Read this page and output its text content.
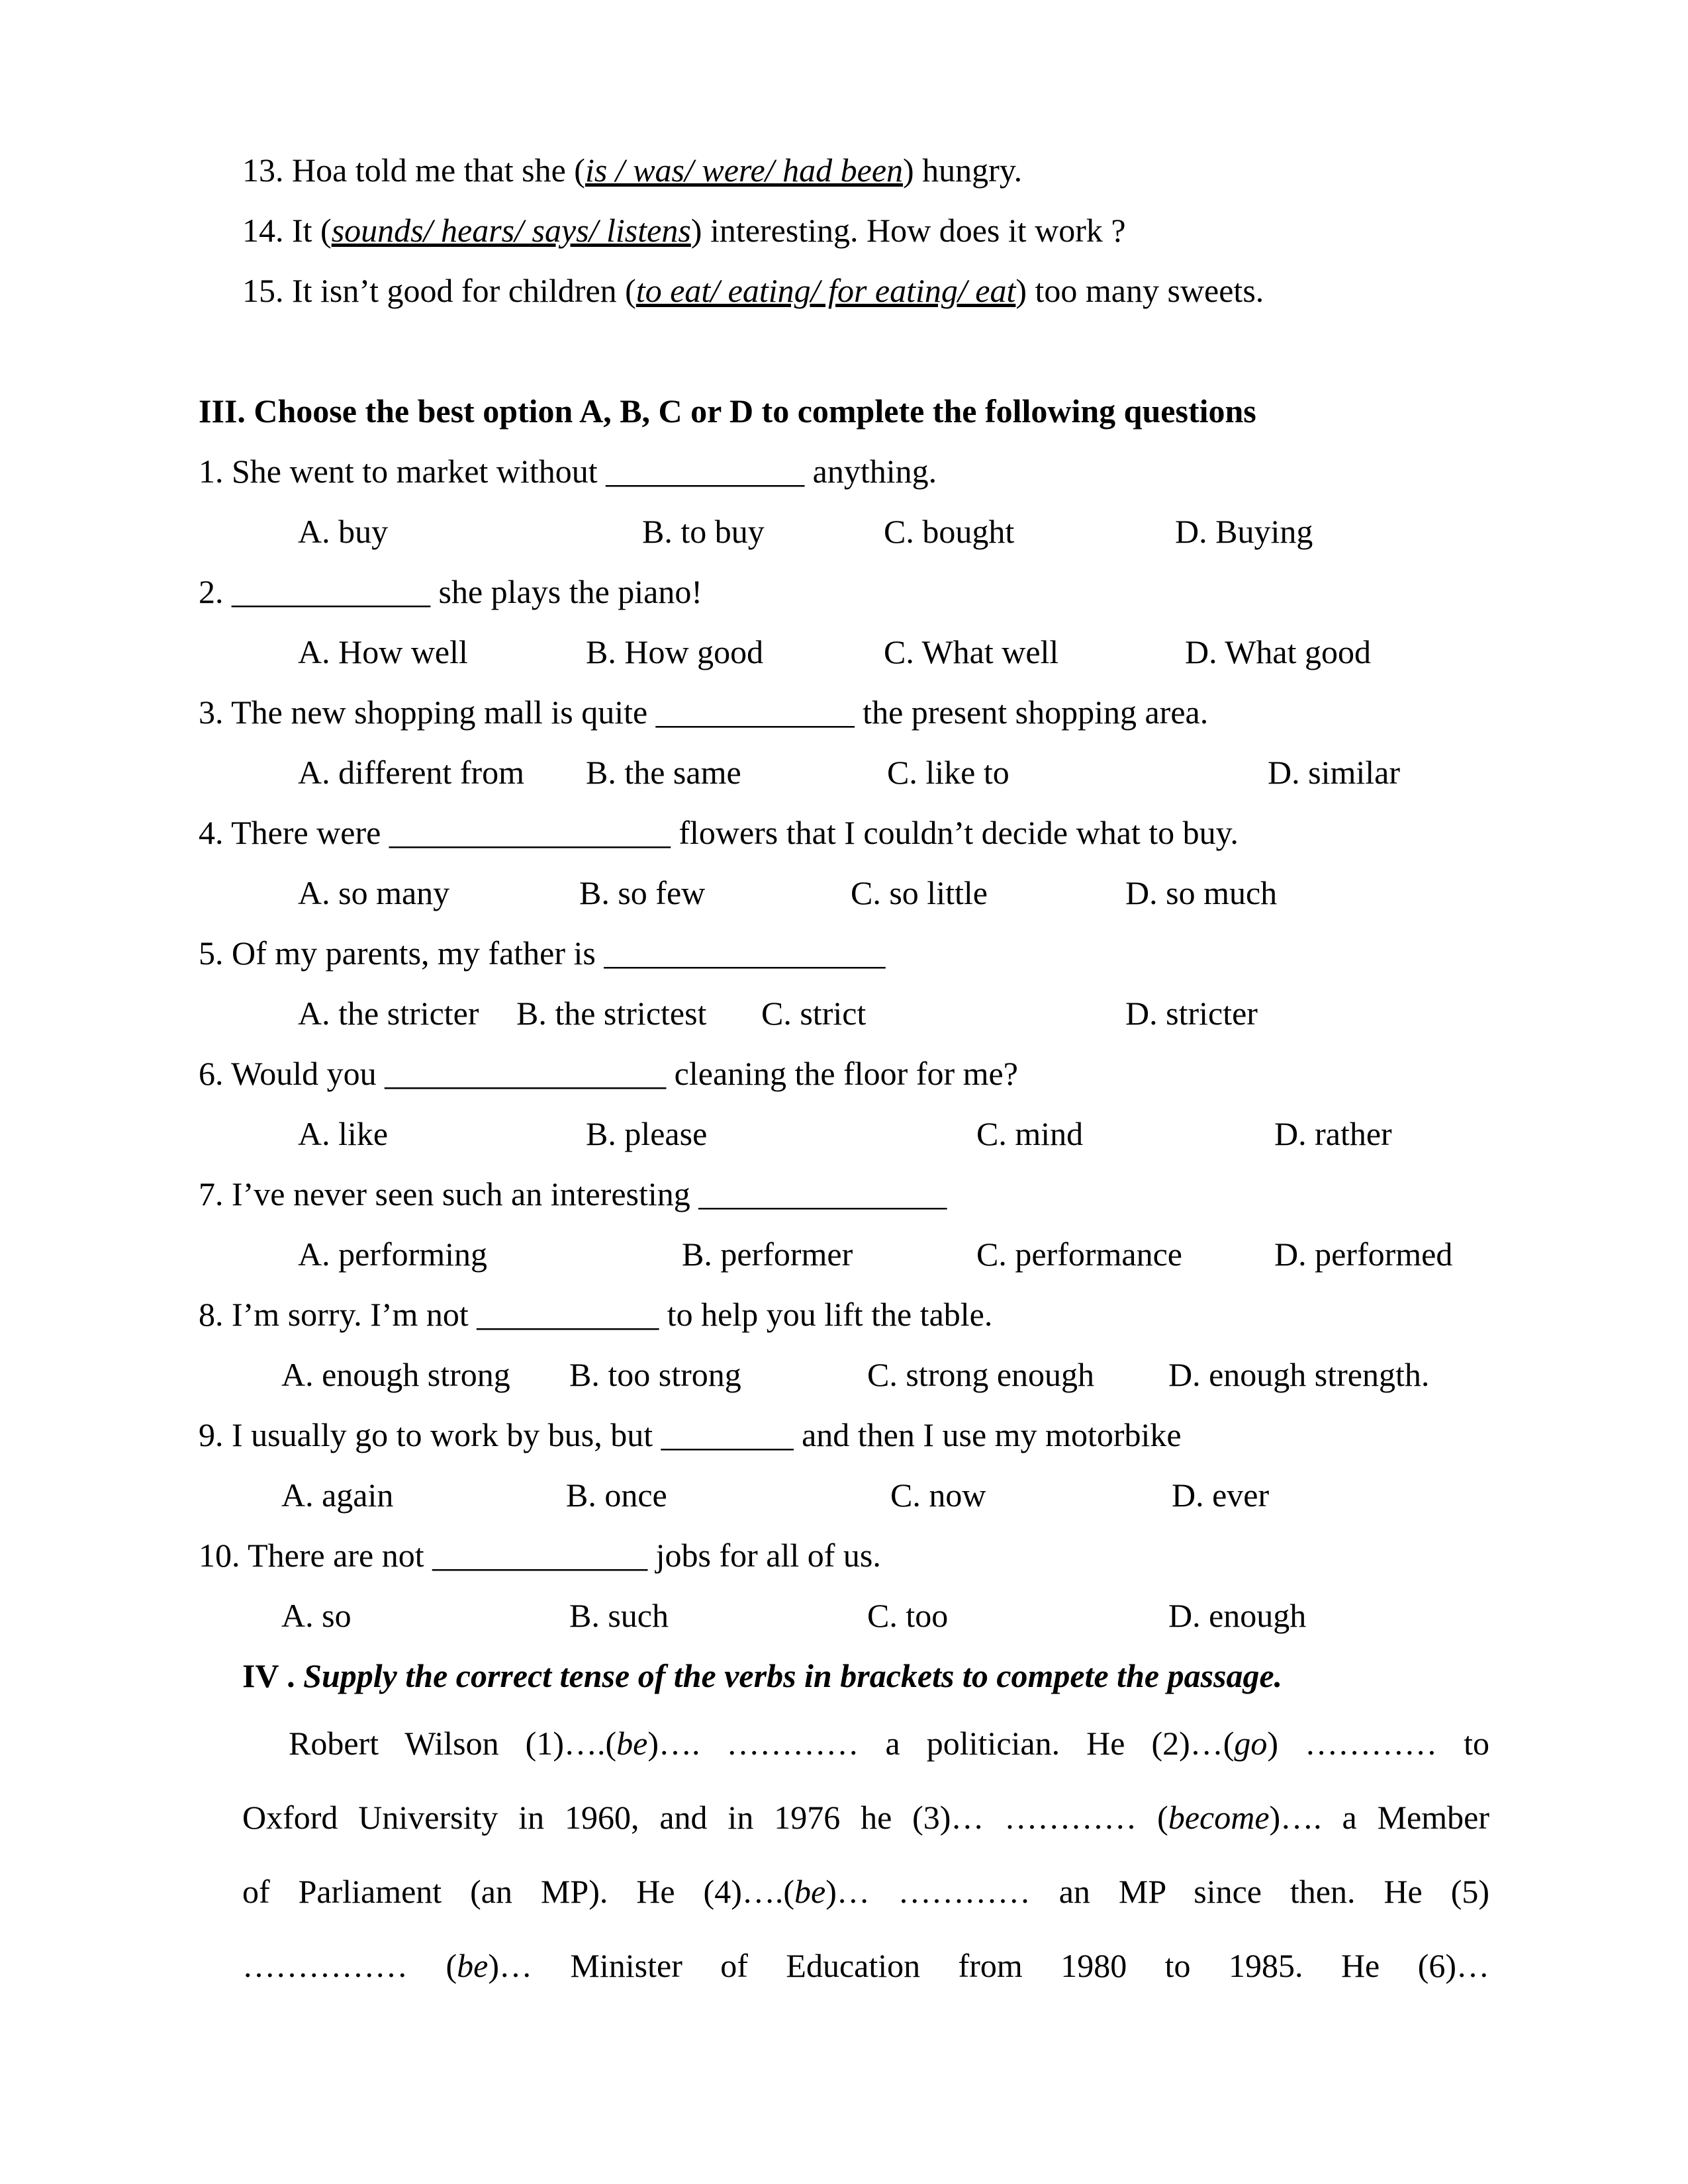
13. Hoa told me that she (is / was/ were/ had been) hungry.

14. It (sounds/ hears/ says/ listens) interesting. How does it work ?

15. It isn’t good for children (to eat/ eating/ for eating/ eat) too many sweets.

III. Choose the best option A, B, C or D to complete the following questions

1. She went to market without ____________ anything.

A. buy	B. to buy	C. bought	D. Buying

2. ____________ she plays the piano!

A. How well	B. How good	C. What well	D. What good

3. The new shopping mall is quite ____________ the present shopping area.

A. different from	B. the same	C. like to	D. similar

4. There were _________________ flowers that I couldn’t decide what to buy.

A. so many	B. so few	C. so little	D. so much

5. Of my parents, my father is _________________

A. the stricter	B. the strictest	C. strict	D. stricter

6. Would you _________________ cleaning the floor for me?

A. like	B. please	C. mind	D. rather

7. I’ve never seen such an interesting _______________

A. performing	B. performer	C. performance	D. performed

8. I’m sorry. I’m not ___________ to help you lift the table.

A. enough strong	B. too strong	C. strong enough	D. enough strength.

9. I usually go to work by bus, but ________ and then I use my motorbike

A. again	B. once	C. now	D. ever

10. There are not _____________ jobs for all of us.

A. so	B. such	C. too	D. enough
IV . Supply the correct tense of the verbs in brackets to compete the passage.

Robert Wilson (1)….(be)…. ………… a politician. He (2)…(go) ………… to

Oxford University in 1960, and in 1976 he (3)… ………… (become)…. a Member

of Parliament (an MP). He (4)….(be)… ………… an MP since then. He (5)

…………… (be)… Minister of Education from 1980 to 1985. He (6)…
